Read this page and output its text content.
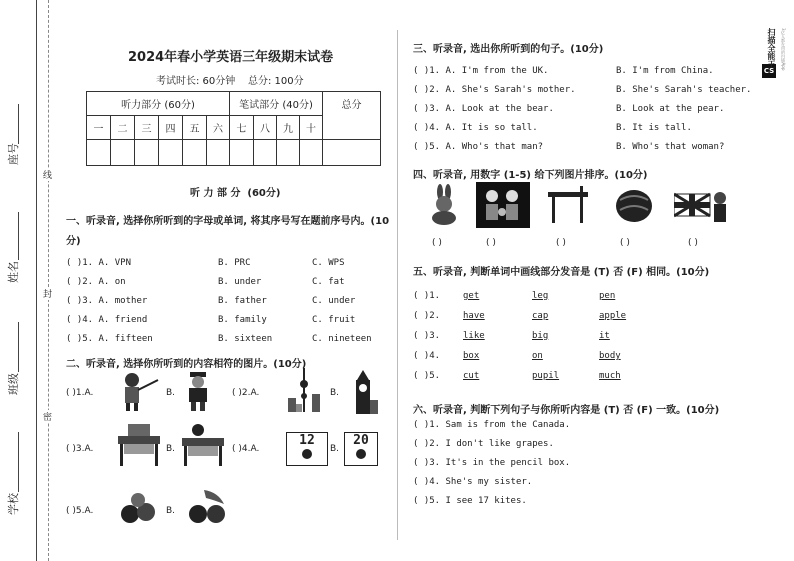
座号
姓名
班级
学校
线
封
密
2024年春小学英语三年级期末试卷
考试时长: 60分钟    总分: 100分
听力部分 (60分)						笔试部分 (40分)				总分
一	二	三	四	五	六	七	八	九	十	

听 力 部 分  (60分)
一、听录音, 选择你所听到的字母或单词, 将其序号写在题前序号内。(10
分)
二、听录音, 选择你所听到的内容相符的图片。(10分)
( )1.A.	B.	( )2.A.	B.
( )3.A.	B.	( )4.A.
12
B.
20
( )5.A.	B.
三、听录音, 选出你所听到的句子。(10分)
四、听录音, 用数字 (1-5) 给下列图片排序。(10分)
( )	( )	( )	( )	( )
五、听录音, 判断单词中画线部分发音是 (T) 否 (F) 相同。(10分)
六、听录音, 判断下列句子与你所听内容是 (T) 否 (F) 一致。(10分)
CS
扫描全能王	3亿人都在用的扫描App
( )1. A. VPN	B. PRC	C. WPS
( )2. A. on	B. under	C. fat
( )3. A. mother	B. father	C. under
( )4. A. friend	B. family	C. fruit
( )5. A. fifteen	B. sixteen	C. nineteen
( )1. A. I'm from the UK.	B. I'm from China.
( )2. A. She's Sarah's mother.	B. She's Sarah's teacher.
( )3. A. Look at the bear.	B. Look at the pear.
( )4. A. It is so tall.	B. It is tall.
( )5. A. Who's that man?	B. Who's that woman?
( )1.	get	leg	pen
( )2.	have	cap	apple
( )3.	like	big	it
( )4.	box	on	body
( )5.	cut	pupil	much
( )1. Sam is from the Canada.
( )2. I don't like grapes.
( )3. It's in the pencil box.
( )4. She's my sister.
( )5. I see 17 kites.
